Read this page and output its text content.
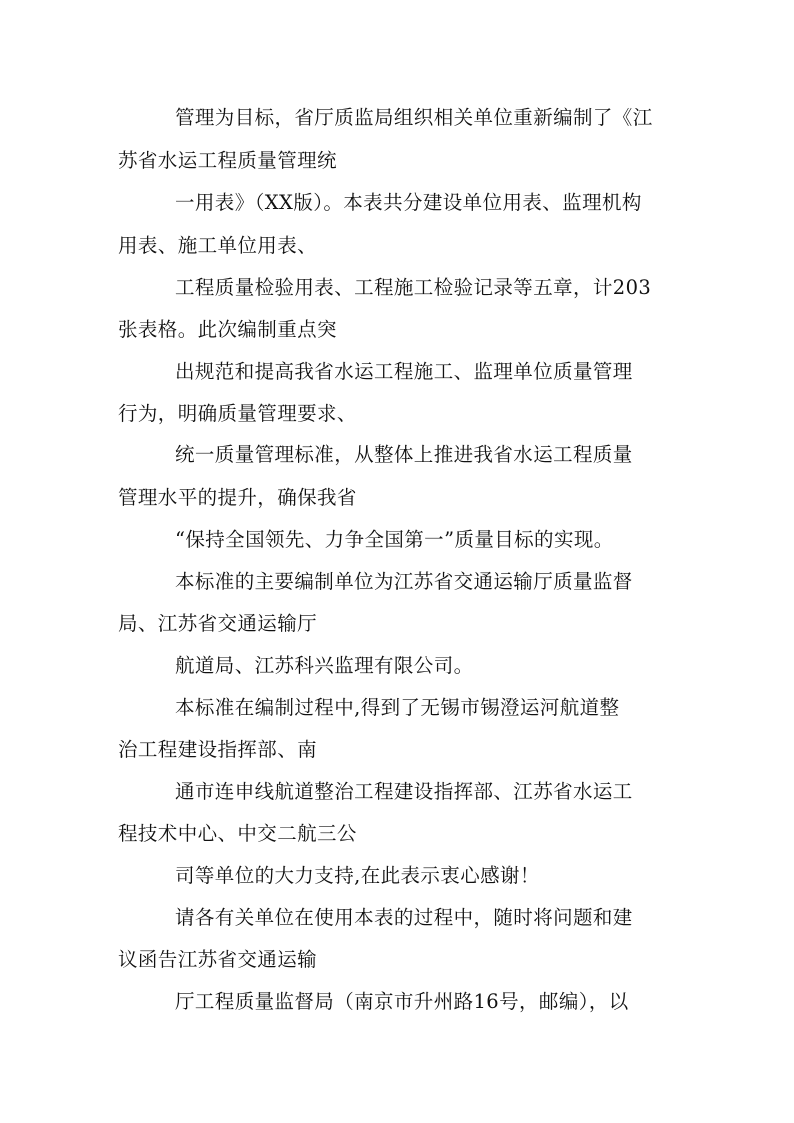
管理为目标，省厅质监局组织相关单位重新编制了《江
苏省水运工程质量管理统
一用表》（XX版）。本表共分建设单位用表、监理机构
用表、施工单位用表、
工程质量检验用表、工程施工检验记录等五章，计203
张表格。此次编制重点突
出规范和提高我省水运工程施工、监理单位质量管理
行为，明确质量管理要求、
统一质量管理标准，从整体上推进我省水运工程质量
管理水平的提升，确保我省
“保持全国领先、力争全国第一”质量目标的实现。
本标准的主要编制单位为江苏省交通运输厅质量监督
局、江苏省交通运输厅
航道局、江苏科兴监理有限公司。
本标准在编制过程中,得到了无锡市锡澄运河航道整
治工程建设指挥部、南
通市连申线航道整治工程建设指挥部、江苏省水运工
程技术中心、中交二航三公
司等单位的大力支持,在此表示衷心感谢！
请各有关单位在使用本表的过程中，随时将问题和建
议函告江苏省交通运输
厅工程质量监督局（南京市升州路16号，邮编），以
